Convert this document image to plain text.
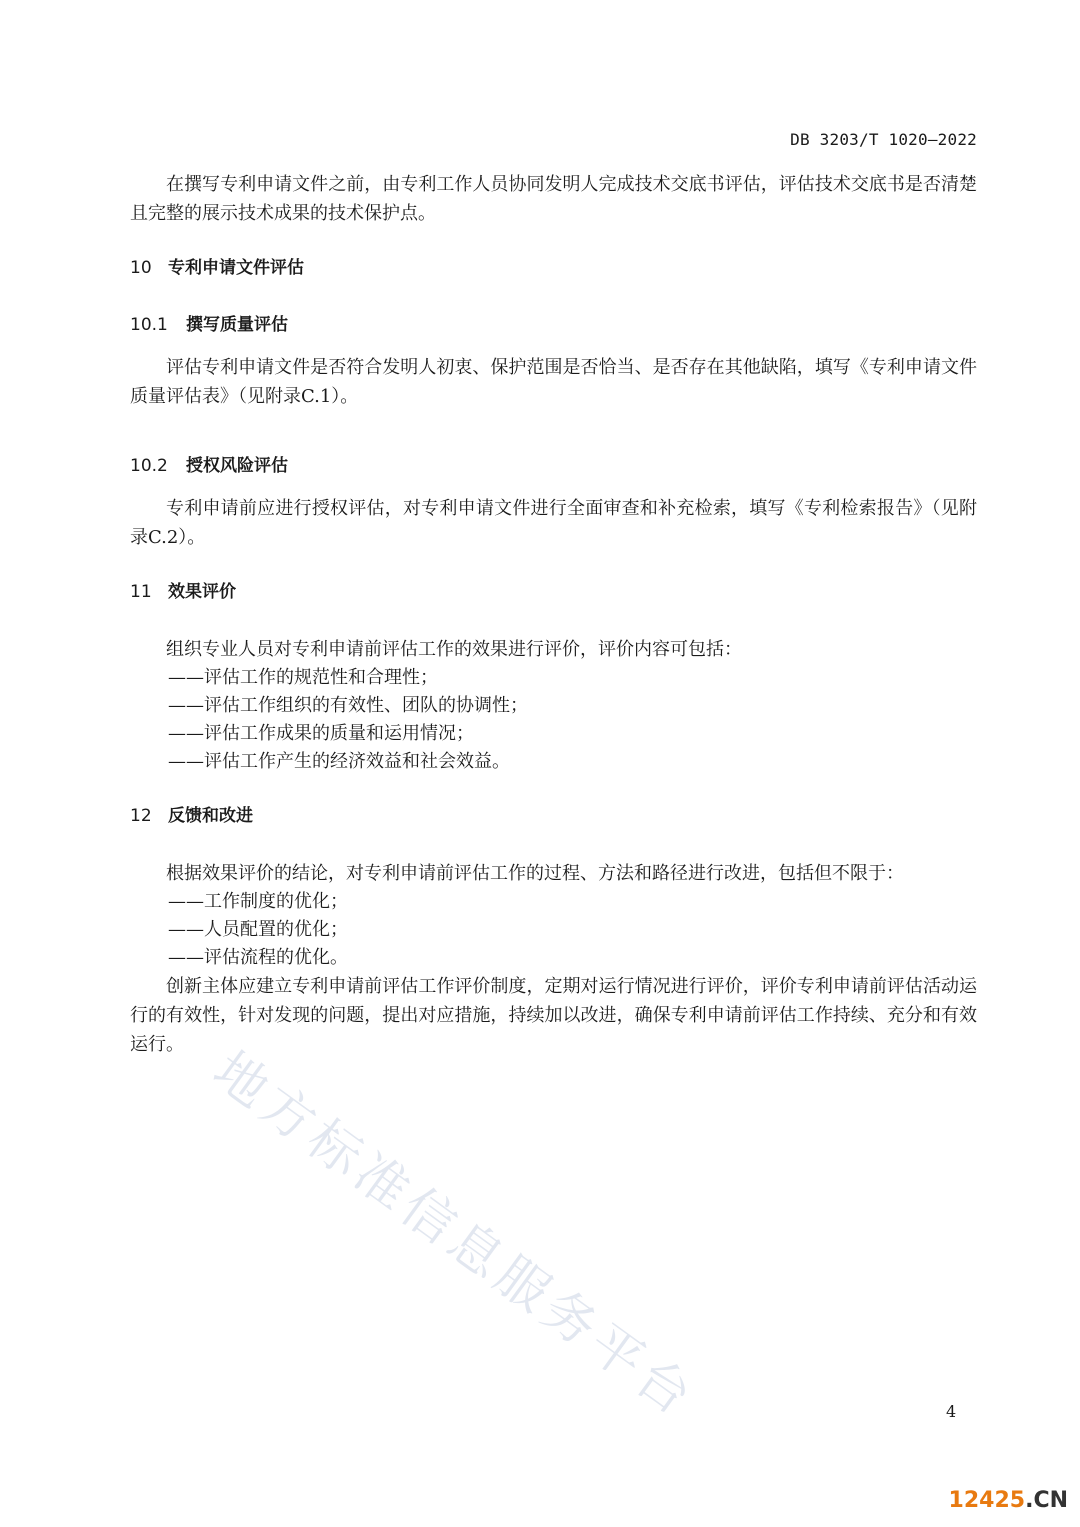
DB 3203/T 1020—2022

在撰写专利申请文件之前，由专利工作人员协同发明人完成技术交底书评估，评估技术交底书是否清楚且完整的展示技术成果的技术保护点。

10 专利申请文件评估

10.1 撰写质量评估

评估专利申请文件是否符合发明人初衷、保护范围是否恰当、是否存在其他缺陷，填写《专利申请文件质量评估表》（见附录C.1）。

10.2 授权风险评估

专利申请前应进行授权评估，对专利申请文件进行全面审查和补充检索，填写《专利检索报告》（见附录C.2）。

11 效果评价

组织专业人员对专利申请前评估工作的效果进行评价，评价内容可包括：

——评估工作的规范性和合理性；

——评估工作组织的有效性、团队的协调性；

——评估工作成果的质量和运用情况；

——评估工作产生的经济效益和社会效益。

12 反馈和改进

根据效果评价的结论，对专利申请前评估工作的过程、方法和路径进行改进，包括但不限于：

——工作制度的优化；

——人员配置的优化；

——评估流程的优化。

创新主体应建立专利申请前评估工作评价制度，定期对运行情况进行评价，评价专利申请前评估活动运行的有效性，针对发现的问题，提出对应措施，持续加以改进，确保专利申请前评估工作持续、充分和有效运行。 地方标准信息服务平台	4
12425.CN
